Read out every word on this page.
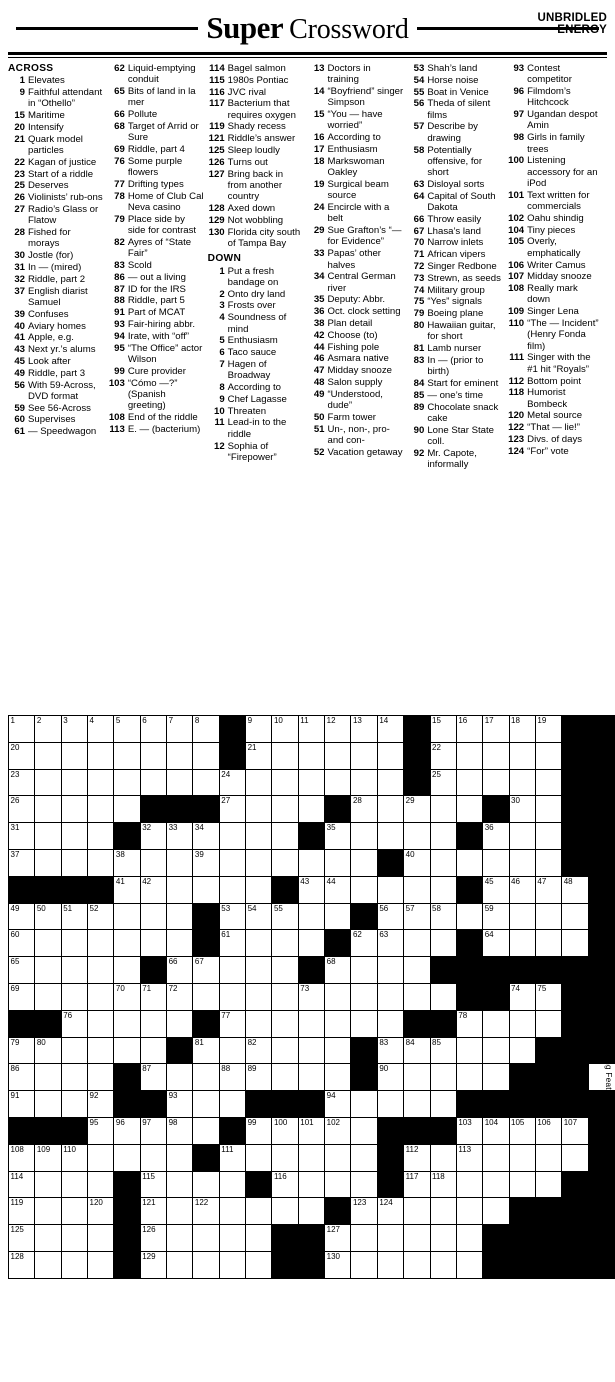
Super Crossword	UNBRIDLED
ENERGY
ACROSS
1 Elevates
9 Faithful attendant in “Othello”
15 Maritime
20 Intensify
21 Quark model particles
22 Kagan of justice
23 Start of a riddle
25 Deserves
26 Violinists’ rub-ons
27 Radio’s Glass or Flatow
28 Fished for morays
30 Jostle (for)
31 In — (mired)
32 Riddle, part 2
37 English diarist Samuel
39 Confuses
40 Aviary homes
41 Apple, e.g.
43 Next yr.’s alums
45 Look after
49 Riddle, part 3
56 With 59-Across, DVD format
59 See 56-Across
60 Supervises
61 — Speedwagon
62 Liquid-emptying conduit
65 Bits of land in la mer
66 Pollute
68 Target of Arrid or Sure
69 Riddle, part 4
76 Some purple flowers
77 Drifting types
78 Home of Club Cal Neva casino
79 Place side by side for contrast
82 Ayres of “State Fair”
83 Scold
86 — out a living
87 ID for the IRS
88 Riddle, part 5
91 Part of MCAT
93 Fair-hiring abbr.
94 Irate, with “off”
95 “The Office” actor Wilson
99 Cure provider
103 “Cómo —?” (Spanish greeting)
108 End of the riddle
113 E. — (bacterium)
114 Bagel salmon
115 1980s Pontiac
116 JVC rival
117 Bacterium that requires oxygen
119 Shady recess
121 Riddle’s answer
125 Sleep loudly
126 Turns out
127 Bring back in from another country
128 Axed down
129 Not wobbling
130 Florida city south of Tampa Bay
DOWN
1 Put a fresh bandage on
2 Onto dry land
3 Frosts over
4 Soundness of mind
5 Enthusiasm
6 Taco sauce
7 Hagen of Broadway
8 According to
9 Chef Lagasse
10 Threaten
11 Lead-in to the riddle
12 Sophia of “Firepower”
13 Doctors in training
14 “Boyfriend” singer Simpson
15 “You — have worried”
16 According to
17 Enthusiasm
18 Markswoman Oakley
19 Surgical beam source
24 Encircle with a belt
29 Sue Grafton’s “— for Evidence”
33 Papas’ other halves
34 Central German river
35 Deputy: Abbr.
36 Oct. clock setting
38 Plan detail
42 Choose (to)
44 Fishing pole
46 Asmara native
47 Midday snooze
48 Salon supply
49 “Understood, dude”
50 Farm tower
51 Un-, non-, pro- and con-
52 Vacation getaway
53 Shah’s land
54 Horse noise
55 Boat in Venice
56 Theda of silent films
57 Describe by drawing
58 Potentially offensive, for short
63 Disloyal sorts
64 Capital of South Dakota
66 Throw easily
67 Lhasa’s land
70 Narrow inlets
71 African vipers
72 Singer Redbone
73 Strewn, as seeds
74 Military group
75 “Yes” signals
79 Boeing plane
80 Hawaiian guitar, for short
81 Lamb nurser
83 In — (prior to birth)
84 Start for eminent
85 — one’s time
89 Chocolate snack cake
90 Lone Star State coll.
92 Mr. Capote, informally
93 Contest competitor
96 Filmdom’s Hitchcock
97 Ugandan despot Amin
98 Girls in family trees
100 Listening accessory for an iPod
101 Text written for commercials
102 Oahu shindig
104 Tiny pieces
105 Overly, emphatically
106 Writer Camus
107 Midday snooze
108 Really mark down
109 Singer Lena
110 “The — Incident” (Henry Fonda film)
111 Singer with the #1 hit “Royals”
112 Bottom point
118 Humorist Bombeck
120 Metal source
122 “That — lie!”
123 Divs. of days
124 “For” vote
1	2	3	4	5	6	7	8		9	10	11	12	13	14		15	16	17	18	19		

20									21							22						

23								24								25						

26								27					28		29				30			

31					32	33	34					35						36				

37				38			39								40							

				41	42						43	44						45	46	47	48	

49	50	51	52					53	54	55				56	57	58		59				

60								61					62	63				64				

65						66	67					68										

69				70	71	72					73								74	75		

		76						77									78					

79	80						81		82					83	84	85						

86					87			88	89					90								

91			92			93						94										

			95	96	97	98			99	100	101	102					103	104	105	106	107	

108	109	110						111							112		113					

114					115					116					117	118						

119			120		121		122						123	124								

125					126							127										

128					129							130										

©2023 King Features Syndicate, Inc. All rights reserved.
